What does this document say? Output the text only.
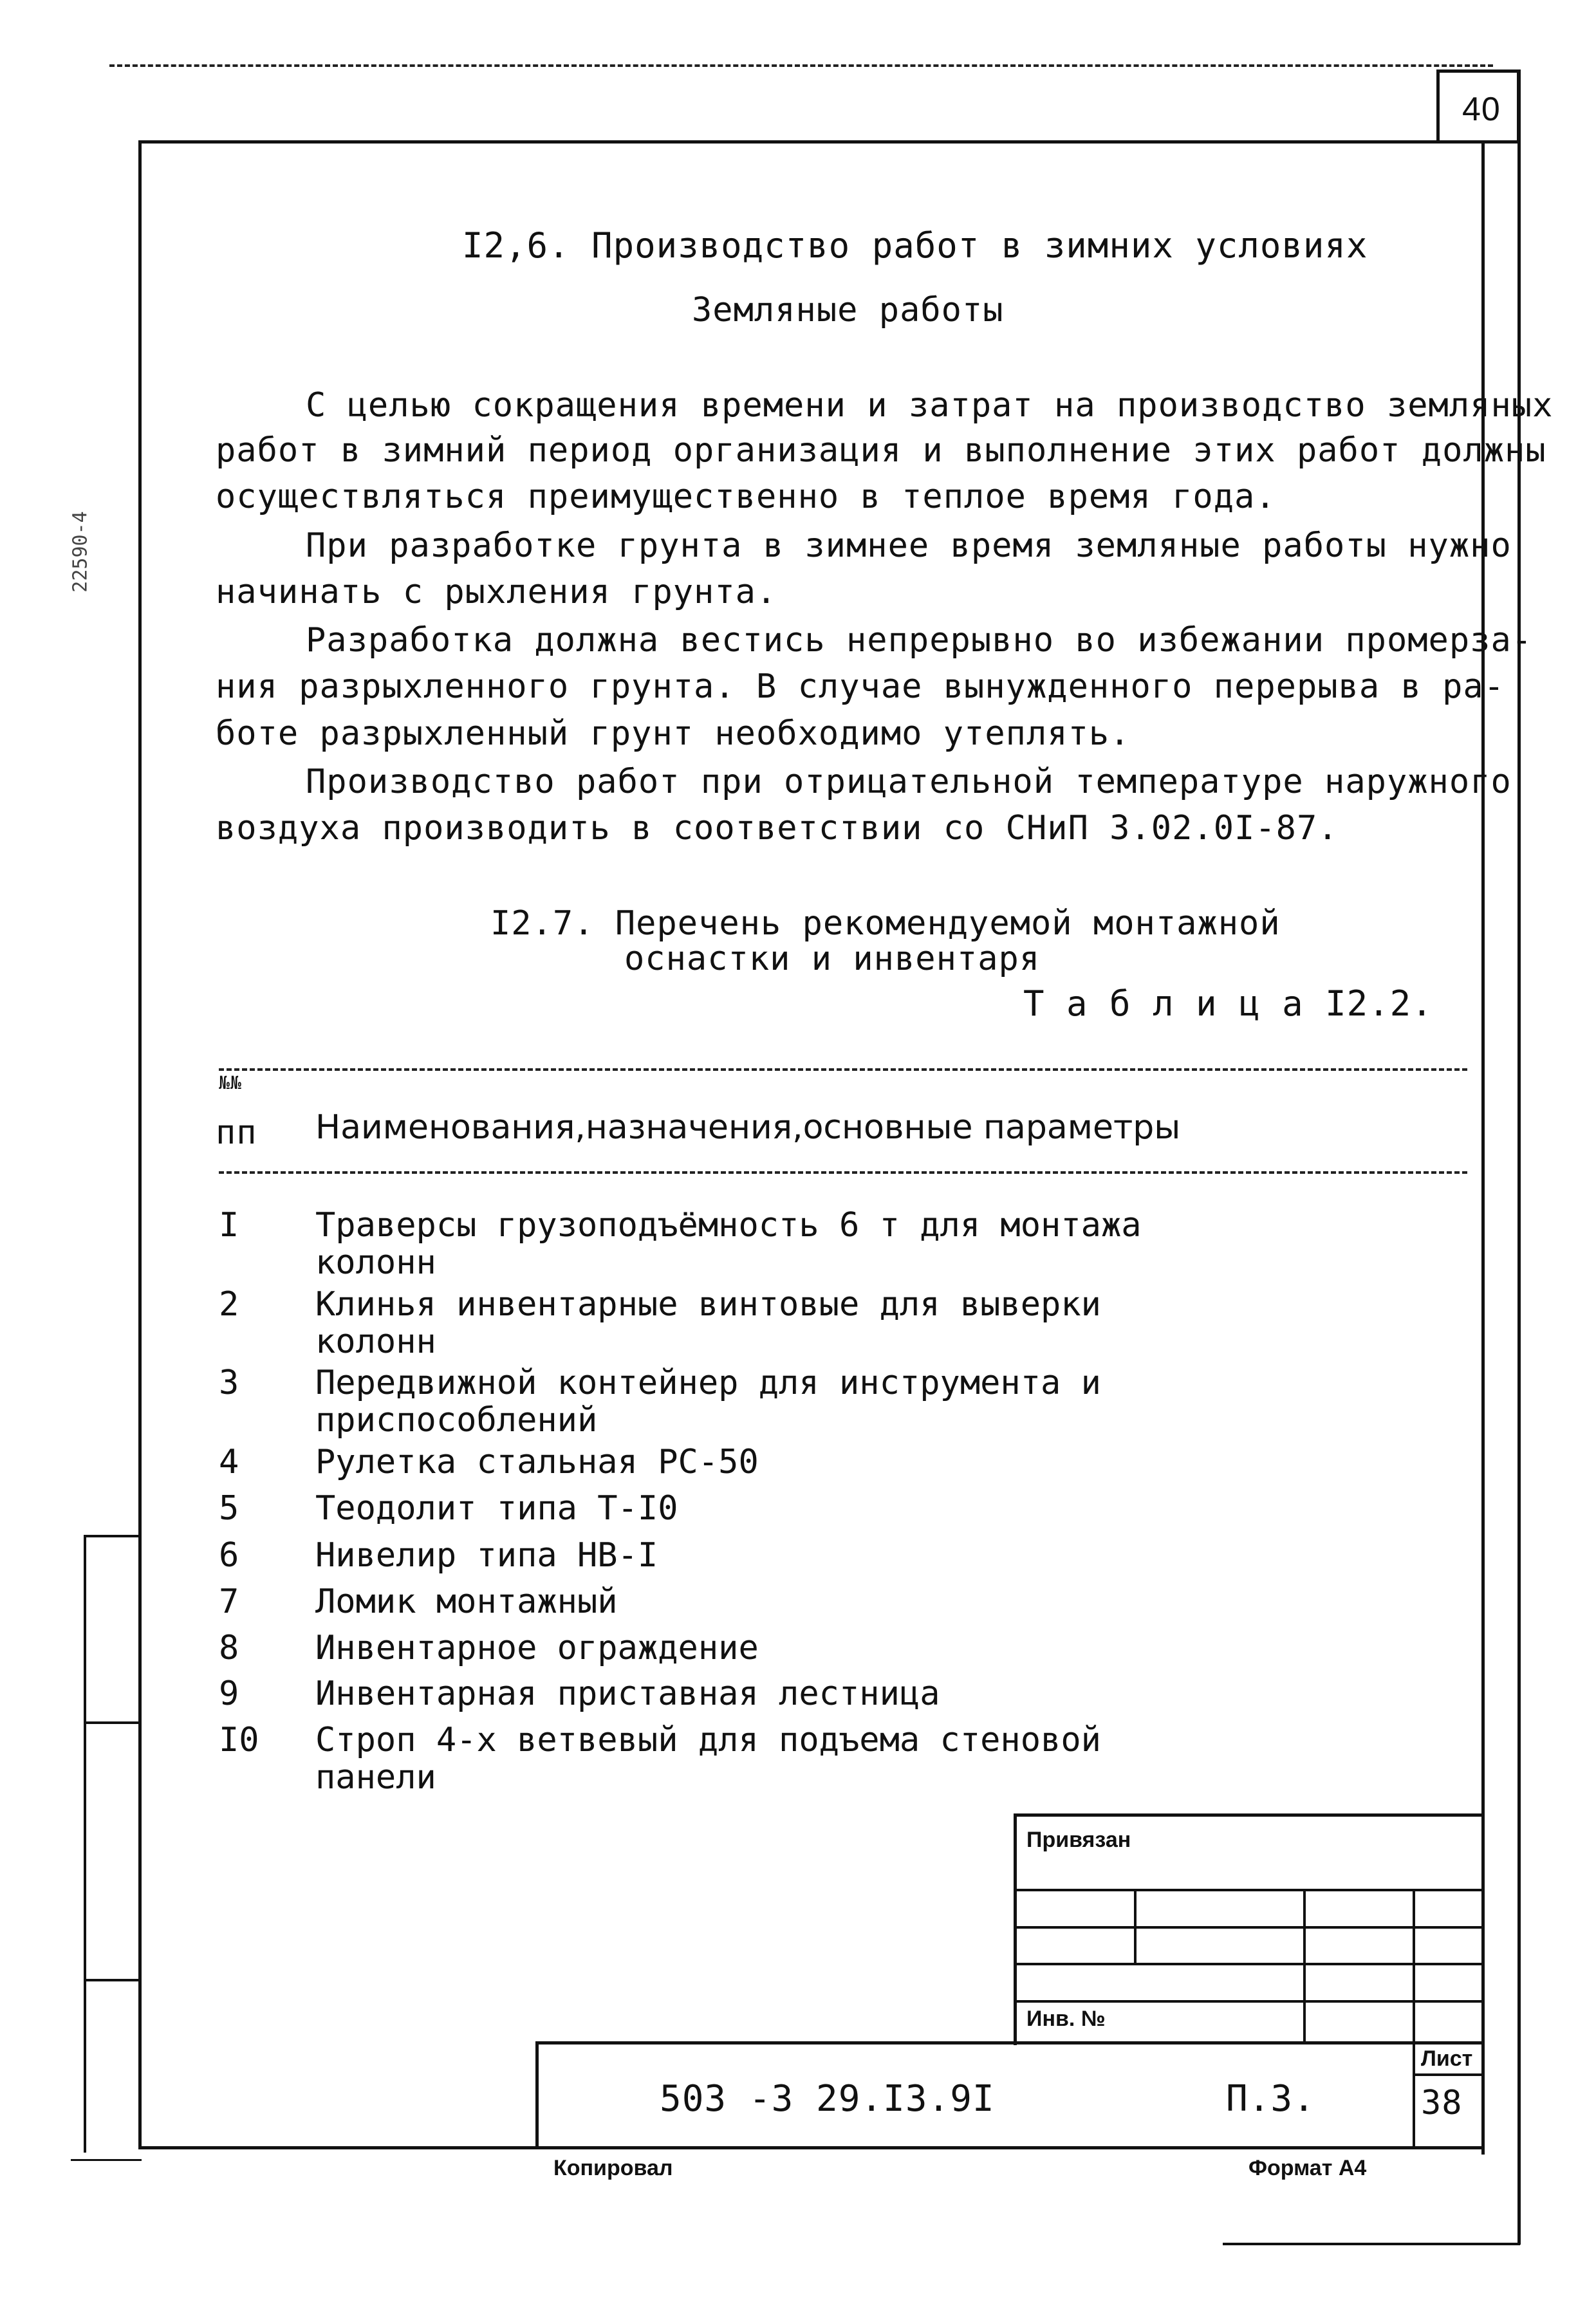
40
22590-4
I2,6. Производство работ в зимних условиях
Земляные работы
С целью сокращения времени и затрат на производство земляных
работ в зимний период организация и выполнение этих работ должны
осуществляться преимущественно в теплое время года.
При разработке грунта в зимнее время земляные работы нужно
начинать с рыхления грунта.
Разработка должна вестись непрерывно во избежании промерза-
ния разрыхленного грунта. В случае вынужденного перерыва в ра-
боте разрыхленный грунт необходимо утеплять.
Производство работ при отрицательной температуре наружного
воздуха производить в соответствии со СНиП 3.02.0I-87.
I2.7. Перечень рекомендуемой монтажной
оснастки и инвентаря
Т а б л и ц а I2.2.
№№
пп Наименования,назначения,основные параметры
I	Траверсы грузоподъёмность 6 т для монтажа
колонн
2	Клинья инвентарные винтовые для выверки
колонн
3	Передвижной контейнер для инструмента и
приспособлений
4	Рулетка стальная РС-50
5	Теодолит типа Т-I0
6	Нивелир типа НВ-I
7	Ломик монтажный
8	Инвентарное ограждение
9	Инвентарная приставная лестница
I0	Строп 4-х ветвевый для подъема стеновой
панели
Привязан
Инв. №
503 -3 29.I3.9I	П.3.
Лист
38
Копировал	Формат А4
